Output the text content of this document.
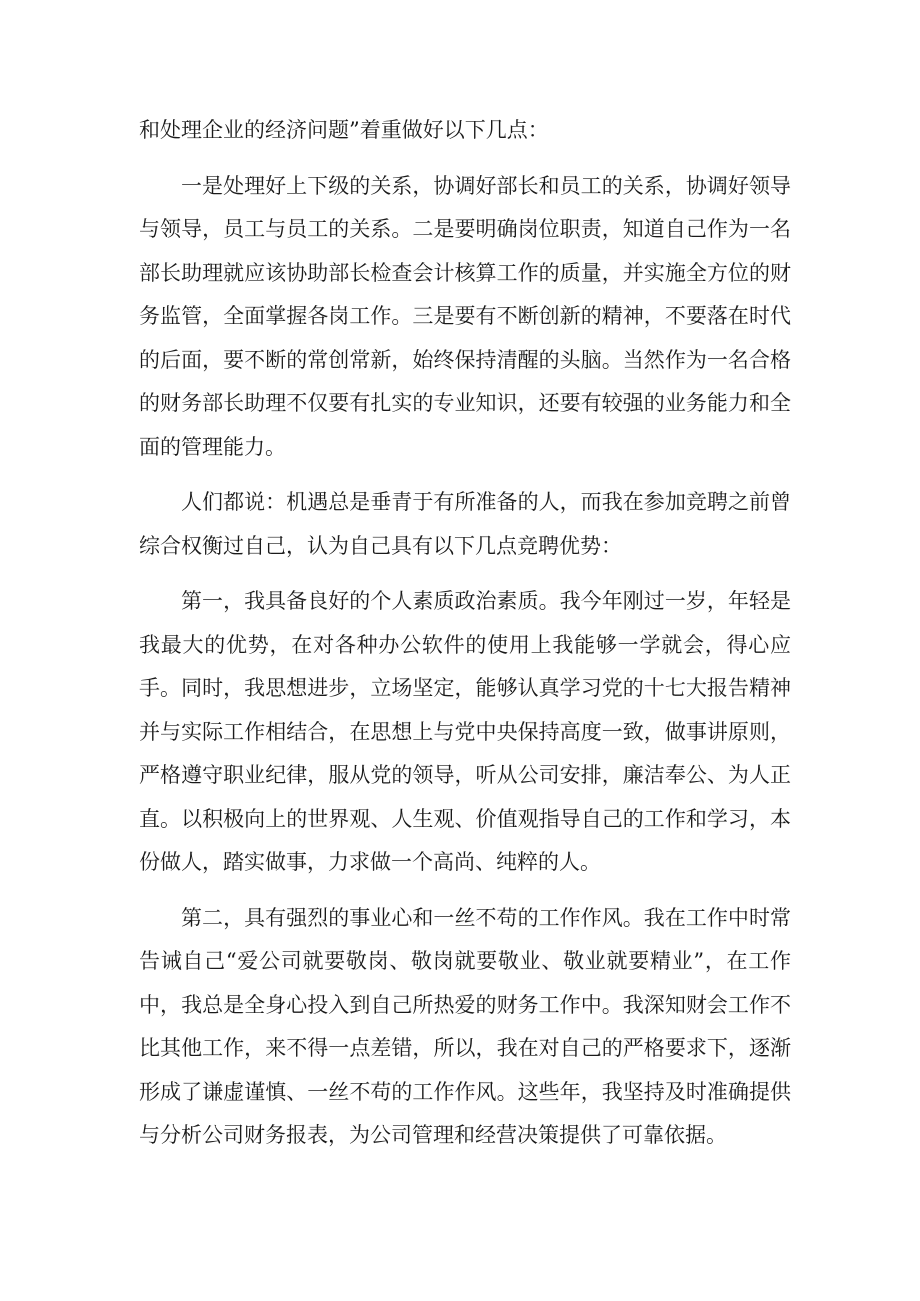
和处理企业的经济问题”着重做好以下几点：

一是处理好上下级的关系，协调好部长和员工的关系，协调好领导与领导，员工与员工的关系。二是要明确岗位职责，知道自己作为一名部长助理就应该协助部长检查会计核算工作的质量，并实施全方位的财务监管，全面掌握各岗工作。三是要有不断创新的精神，不要落在时代的后面，要不断的常创常新，始终保持清醒的头脑。当然作为一名合格的财务部长助理不仅要有扎实的专业知识，还要有较强的业务能力和全面的管理能力。

人们都说：机遇总是垂青于有所准备的人，而我在参加竞聘之前曾综合权衡过自己，认为自己具有以下几点竞聘优势：

第一，我具备良好的个人素质政治素质。我今年刚过一岁，年轻是我最大的优势，在对各种办公软件的使用上我能够一学就会，得心应手。同时，我思想进步，立场坚定，能够认真学习党的十七大报告精神并与实际工作相结合，在思想上与党中央保持高度一致，做事讲原则，严格遵守职业纪律，服从党的领导，听从公司安排，廉洁奉公、为人正直。以积极向上的世界观、人生观、价值观指导自己的工作和学习，本份做人，踏实做事，力求做一个高尚、纯粹的人。

第二，具有强烈的事业心和一丝不苟的工作作风。我在工作中时常告诫自己“爱公司就要敬岗、敬岗就要敬业、敬业就要精业”，在工作中，我总是全身心投入到自己所热爱的财务工作中。我深知财会工作不比其他工作，来不得一点差错，所以，我在对自己的严格要求下，逐渐形成了谦虚谨慎、一丝不苟的工作作风。这些年，我坚持及时准确提供与分析公司财务报表，为公司管理和经营决策提供了可靠依据。
